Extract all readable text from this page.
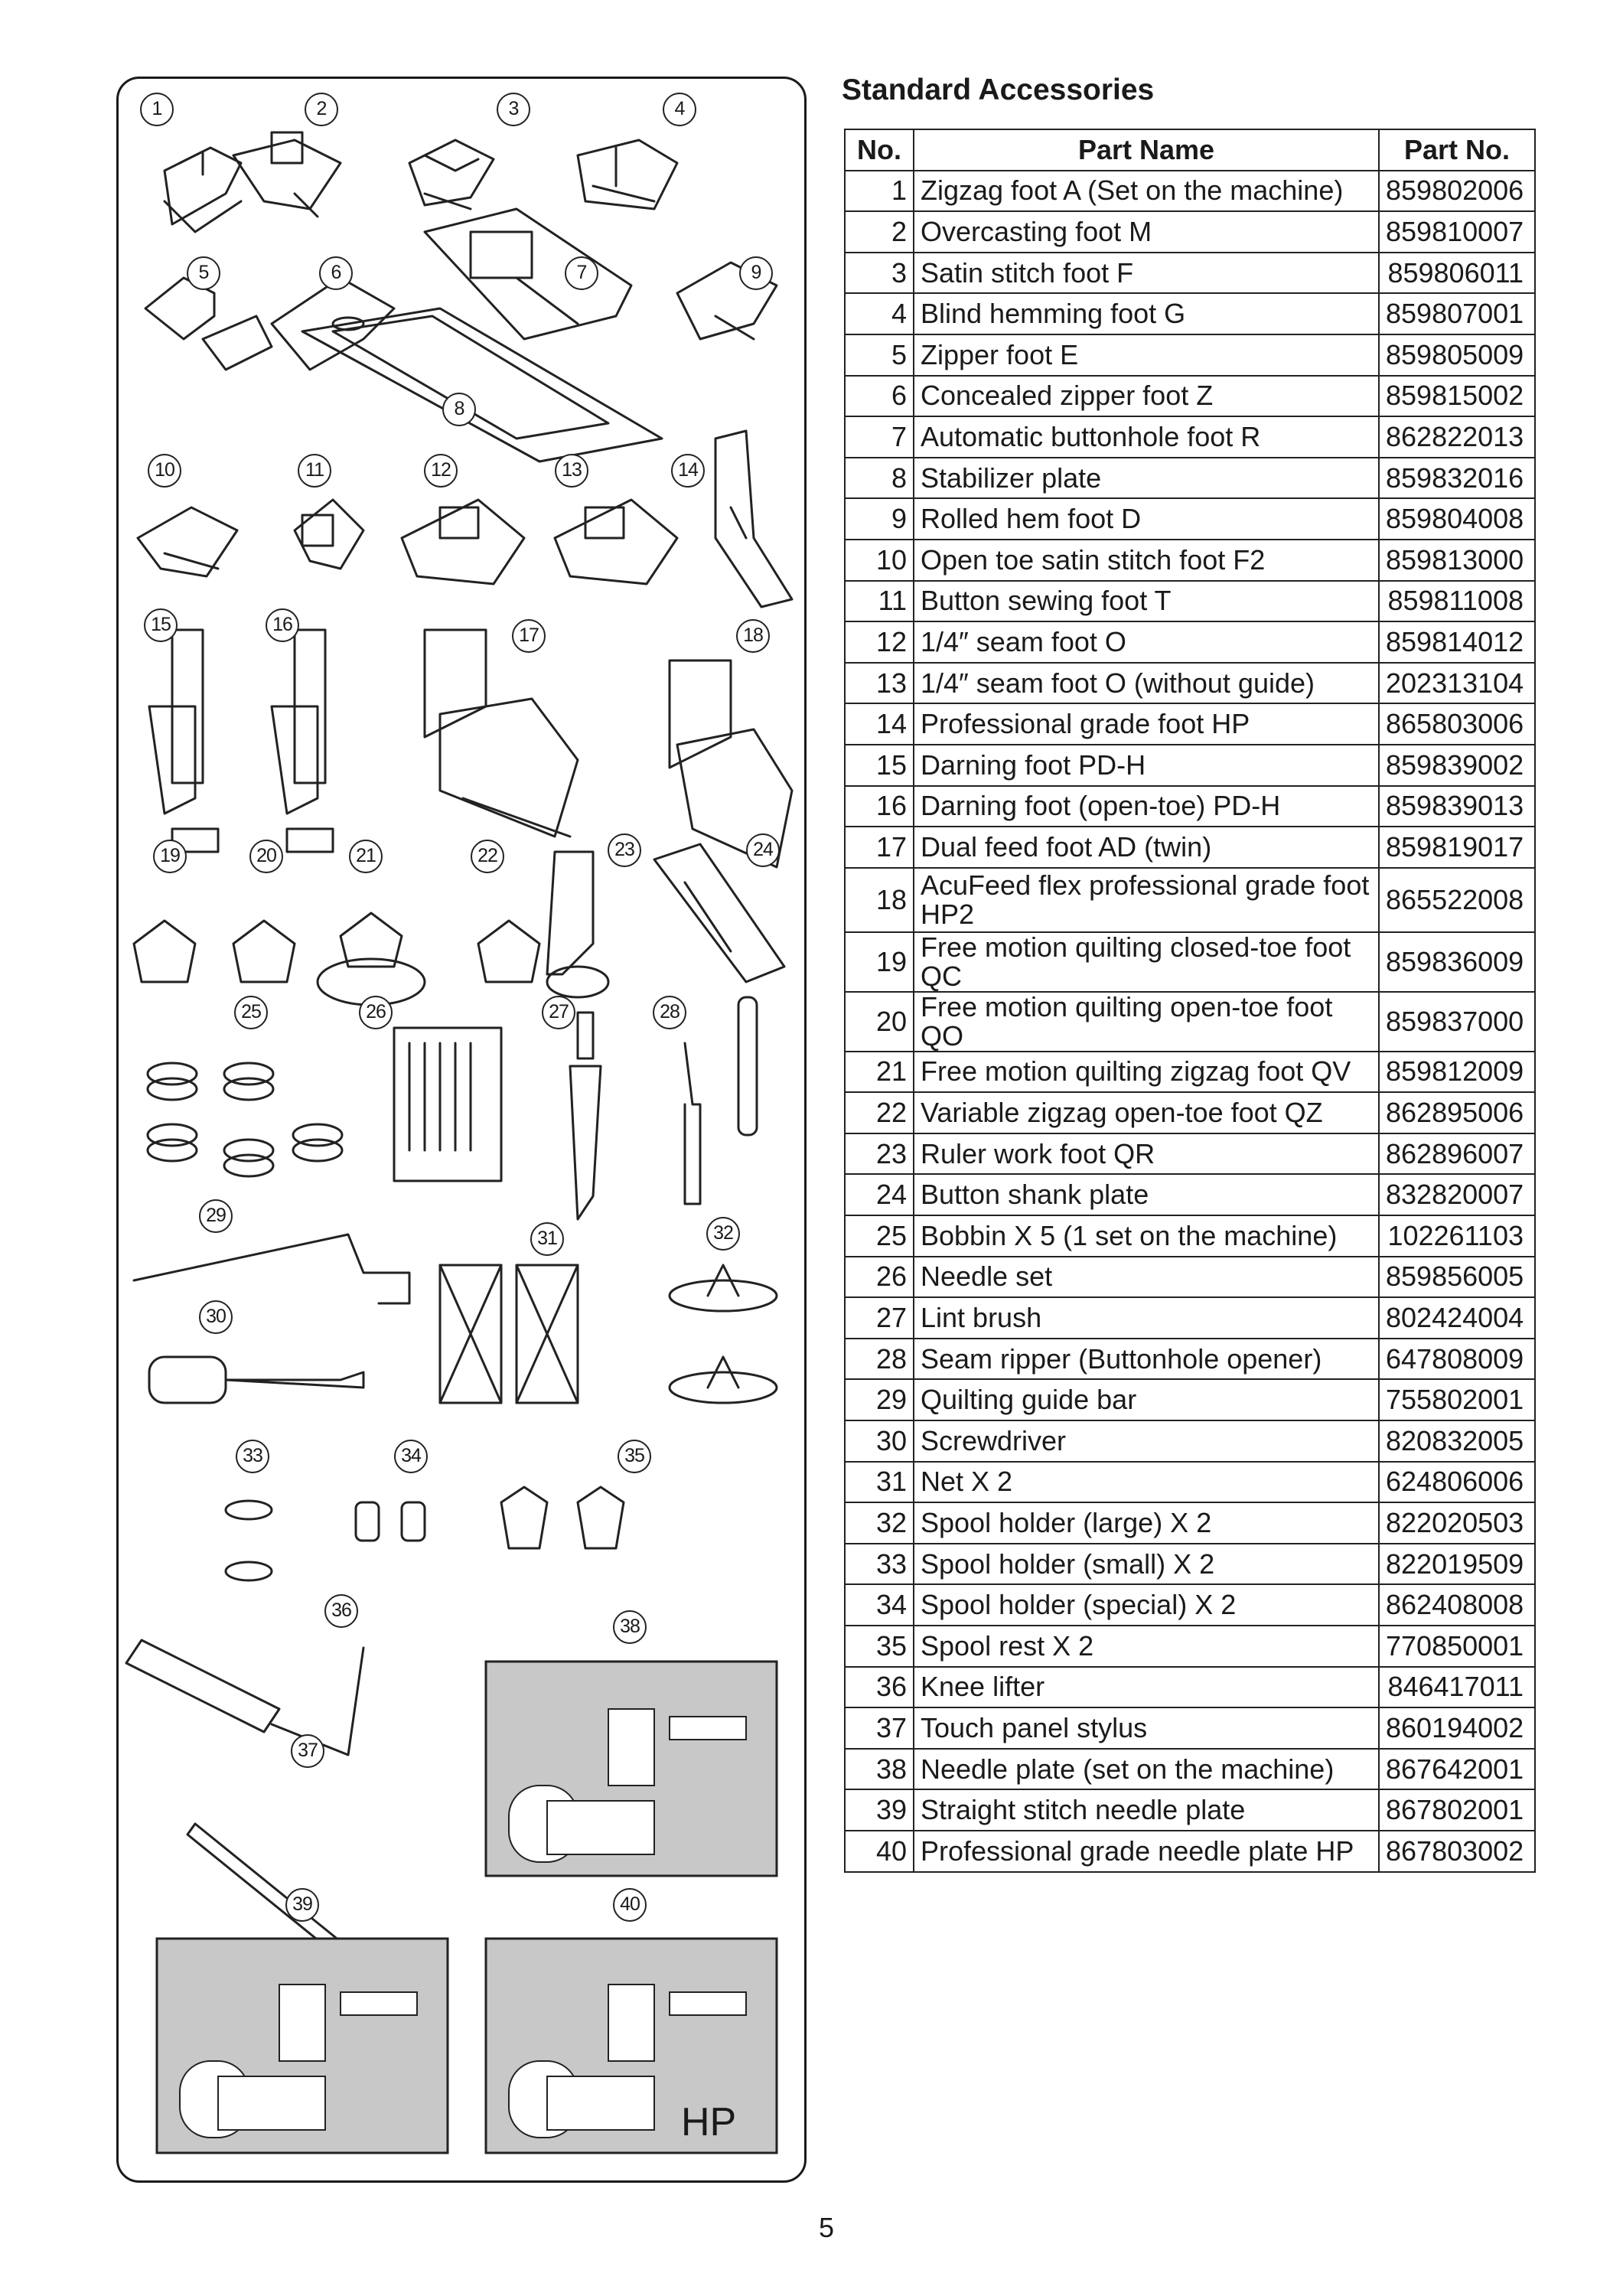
1	2	3	4
5	6	7
8
9
10	11	12	13	14
15	16	17	18
19	20	21	22	23	24
25	26	27	28
29
31	32
30
33	34	35
36
38
37
39	40
HP
Standard Accessories
No.	Part Name	Part No.
1	Zigzag foot A (Set on the machine)	859802006
2	Overcasting foot M	859810007
3	Satin stitch foot F	859806011
4	Blind hemming foot G	859807001
5	Zipper foot E	859805009
6	Concealed zipper foot Z	859815002
7	Automatic buttonhole foot R	862822013
8	Stabilizer plate	859832016
9	Rolled hem foot D	859804008
10	Open toe satin stitch foot F2	859813000
11	Button sewing foot T	859811008
12	1/4″ seam foot O	859814012
13	1/4″ seam foot O (without guide)	202313104
14	Professional grade foot HP	865803006
15	Darning foot PD-H	859839002
16	Darning foot (open-toe) PD-H	859839013
17	Dual feed foot AD (twin)	859819017
18	AcuFeed flex professional grade foot HP2	865522008
19	Free motion quilting closed-toe foot QC	859836009
20	Free motion quilting open-toe foot QO	859837000
21	Free motion quilting zigzag foot QV	859812009
22	Variable zigzag open-toe foot QZ	862895006
23	Ruler work foot QR	862896007
24	Button shank plate	832820007
25	Bobbin X 5 (1 set on the machine)	102261103
26	Needle set	859856005
27	Lint brush	802424004
28	Seam ripper (Buttonhole opener)	647808009
29	Quilting guide bar	755802001
30	Screwdriver	820832005
31	Net X 2	624806006
32	Spool holder (large) X 2	822020503
33	Spool holder (small) X 2	822019509
34	Spool holder (special) X 2	862408008
35	Spool rest X 2	770850001
36	Knee lifter	846417011
37	Touch panel stylus	860194002
38	Needle plate (set on the machine)	867642001
39	Straight stitch needle plate	867802001
40	Professional grade needle plate HP	867803002
5
